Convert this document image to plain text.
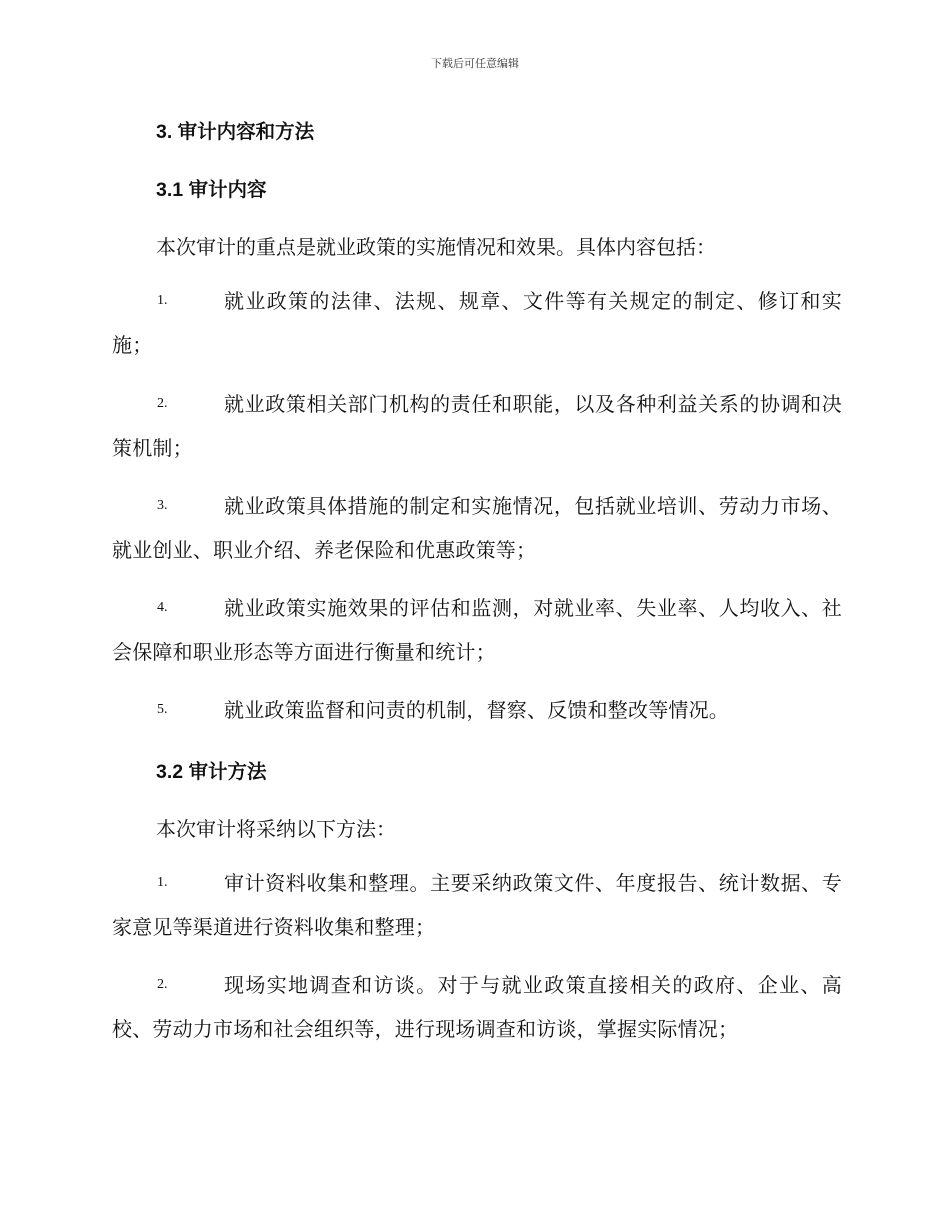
下载后可任意编辑
3. 审计内容和方法
3.1 审计内容
本次审计的重点是就业政策的实施情况和效果。具体内容包括：
1.	就业政策的法律、法规、规章、文件等有关规定的制定、修订和实施；
2.	就业政策相关部门机构的责任和职能，以及各种利益关系的协调和决策机制；
3.	就业政策具体措施的制定和实施情况，包括就业培训、劳动力市场、就业创业、职业介绍、养老保险和优惠政策等；
4.	就业政策实施效果的评估和监测，对就业率、失业率、人均收入、社会保障和职业形态等方面进行衡量和统计；
5.	就业政策监督和问责的机制，督察、反馈和整改等情况。
3.2 审计方法
本次审计将采纳以下方法：
1.	审计资料收集和整理。主要采纳政策文件、年度报告、统计数据、专家意见等渠道进行资料收集和整理；
2.	现场实地调查和访谈。对于与就业政策直接相关的政府、企业、高校、劳动力市场和社会组织等，进行现场调查和访谈，掌握实际情况；
